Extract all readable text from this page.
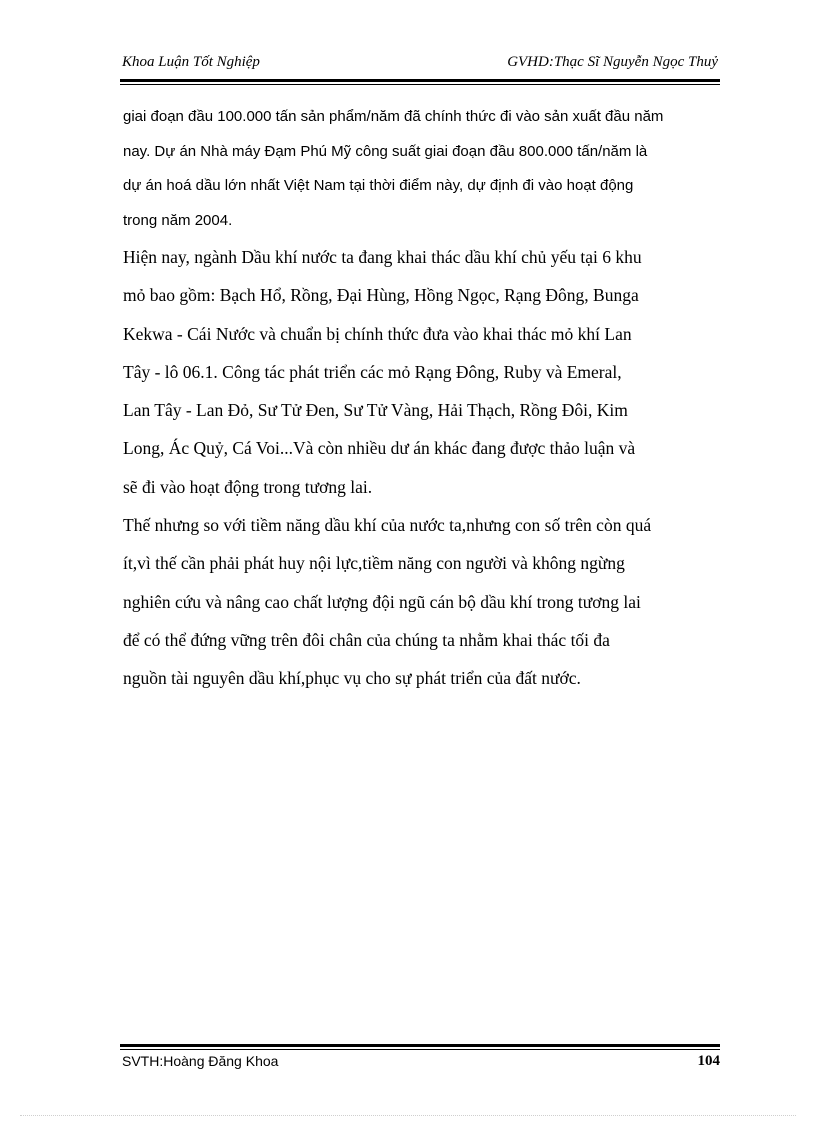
Khoa Luận Tốt Nghiệp	GVHD:Thạc Sĩ Nguyễn Ngọc Thuỷ

giai đoạn đầu 100.000 tấn sản phẩm/năm đã chính thức đi vào sản xuất đầu năm
nay. Dự án Nhà máy Đạm Phú Mỹ công suất giai đoạn đầu 800.000 tấn/năm là
dự án hoá dầu lớn nhất Việt Nam tại thời điểm này, dự định đi vào hoạt động
trong năm 2004.

Hiện nay, ngành Dầu khí nước ta đang khai thác dầu khí chủ yếu tại 6 khu
mỏ bao gồm: Bạch Hổ, Rồng, Đại Hùng, Hồng Ngọc, Rạng Đông, Bunga
Kekwa - Cái Nước và chuẩn bị chính thức đưa vào khai thác mỏ khí Lan
Tây - lô 06.1. Công tác phát triển các mỏ Rạng Đông, Ruby và Emeral,
Lan Tây - Lan Đỏ, Sư Tử Đen, Sư Tử Vàng, Hải Thạch, Rồng Đôi, Kim
Long, Ác Quỷ, Cá Voi...Và còn nhiều dư án khác đang được thảo luận và
sẽ đi vào hoạt động trong tương lai.

Thế nhưng so với tiềm năng dầu khí của nước ta,nhưng con số trên còn quá
ít,vì thế cần phải phát huy nội lực,tiềm năng con người và không ngừng
nghiên cứu và nâng cao chất lượng đội ngũ cán bộ dầu khí trong tương lai
để có thể đứng vững trên đôi chân của chúng ta nhằm khai thác tối đa
nguồn tài nguyên dầu khí,phục vụ cho sự phát triển của đất nước.

SVTH:Hoàng Đăng Khoa	104
